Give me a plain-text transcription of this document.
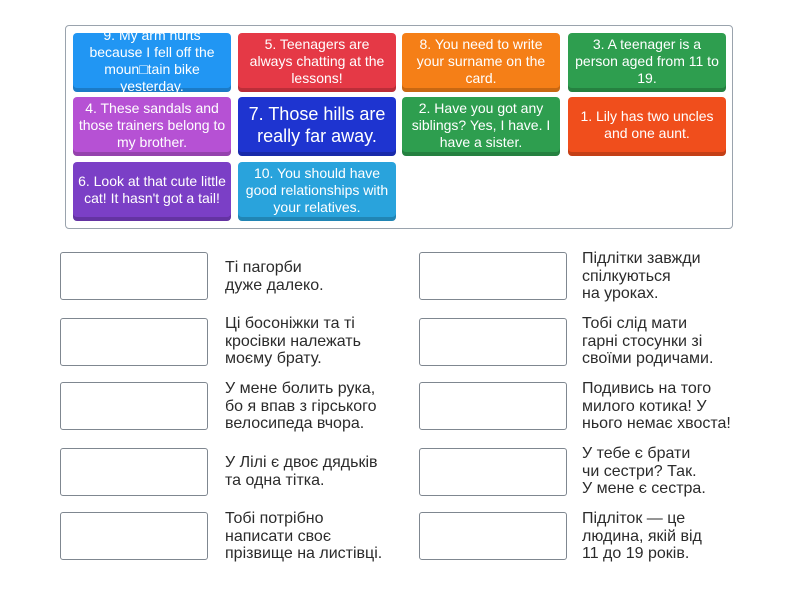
9. My arm hurts because I fell off the moun□tain bike yesterday.
5. Teenagers are always chatting at the lessons!
8. You need to write your surname on the card.
3. A teenager is a person aged from 11 to 19.
4. These sandals and those trainers belong to my brother.
7. Those hills are really far away.
2. Have you got any siblings? Yes, I have. I have a sister.
1. Lily has two uncles and one aunt.
6. Look at that cute little cat! It hasn't got a tail!
10. You should have good relationships with your relatives.
Ті пагорби
дуже далеко.
Підлітки завжди
спілкуються
на уроках.
Ці босоніжки та ті
кросівки належать
моєму брату.
Тобі слід мати
гарні стосунки зі
своїми родичами.
У мене болить рука,
бо я впав з гірського
велосипеда вчора.
Подивись на того
милого котика! У
нього немає хвоста!
У Лілі є двоє дядьків
та одна тітка.
У тебе є брати
чи сестри? Так.
У мене є сестра.
Тобі потрібно
написати своє
прізвище на листівці.
Підліток — це
людина, якій від
11 до 19 років.
